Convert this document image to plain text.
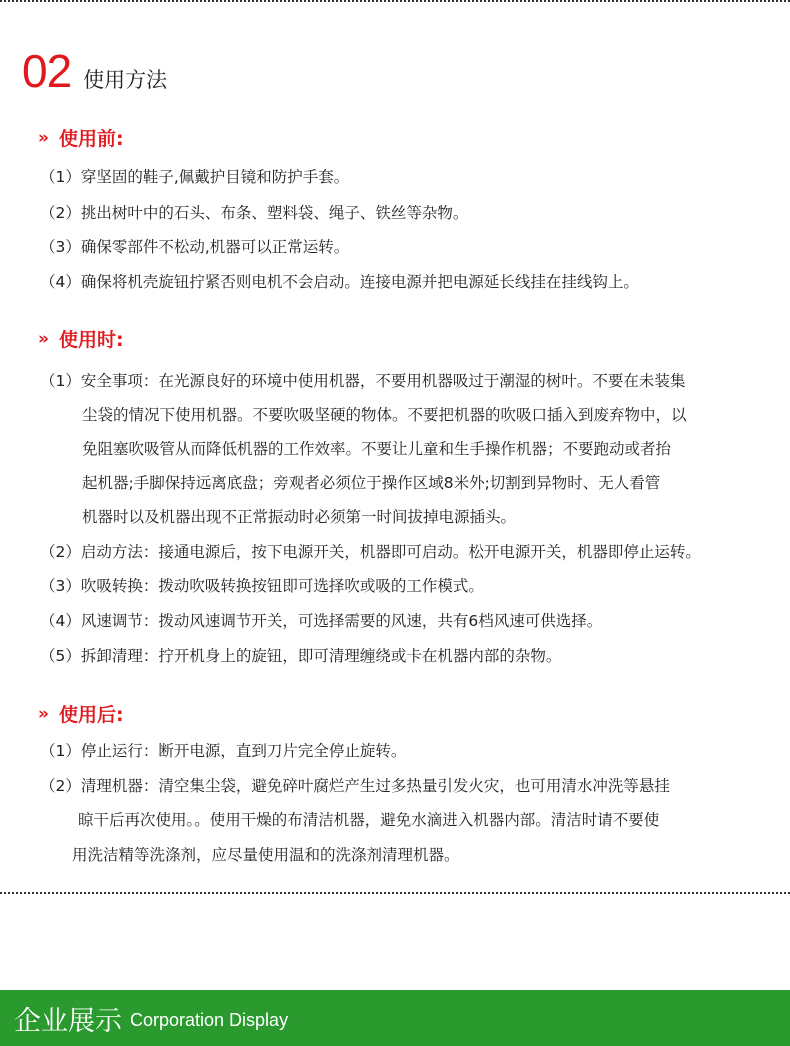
02 使用方法
» 使用前:
（1）穿坚固的鞋子,佩戴护目镜和防护手套。
（2）挑出树叶中的石头、布条、塑料袋、绳子、铁丝等杂物。
（3）确保零部件不松动,机器可以正常运转。
（4）确保将机壳旋钮拧紧否则电机不会启动。连接电源并把电源延长线挂在挂线钩上。
» 使用时:
（1）安全事项：在光源良好的环境中使用机器，不要用机器吸过于潮湿的树叶。不要在未装集
尘袋的情况下使用机器。不要吹吸坚硬的物体。不要把机器的吹吸口插入到废弃物中，以
免阻塞吹吸管从而降低机器的工作效率。不要让儿童和生手操作机器；不要跑动或者抬
起机器;手脚保持远离底盘；旁观者必须位于操作区域8米外;切割到异物时、无人看管
机器时以及机器出现不正常振动时必须第一时间拔掉电源插头。
（2）启动方法：接通电源后，按下电源开关，机器即可启动。松开电源开关，机器即停止运转。
（3）吹吸转换：拨动吹吸转换按钮即可选择吹或吸的工作模式。
（4）风速调节：拨动风速调节开关，可选择需要的风速，共有6档风速可供选择。
（5）拆卸清理：拧开机身上的旋钮，即可清理缠绕或卡在机器内部的杂物。
» 使用后:
（1）停止运行：断开电源，直到刀片完全停止旋转。
（2）清理机器：清空集尘袋，避免碎叶腐烂产生过多热量引发火灾，也可用清水冲洗等悬挂
晾干后再次使用。。使用干燥的布清洁机器，避免水滴进入机器内部。清洁时请不要使
用洗洁精等洗涤剂，应尽量使用温和的洗涤剂清理机器。
企业展示 Corporation Display
